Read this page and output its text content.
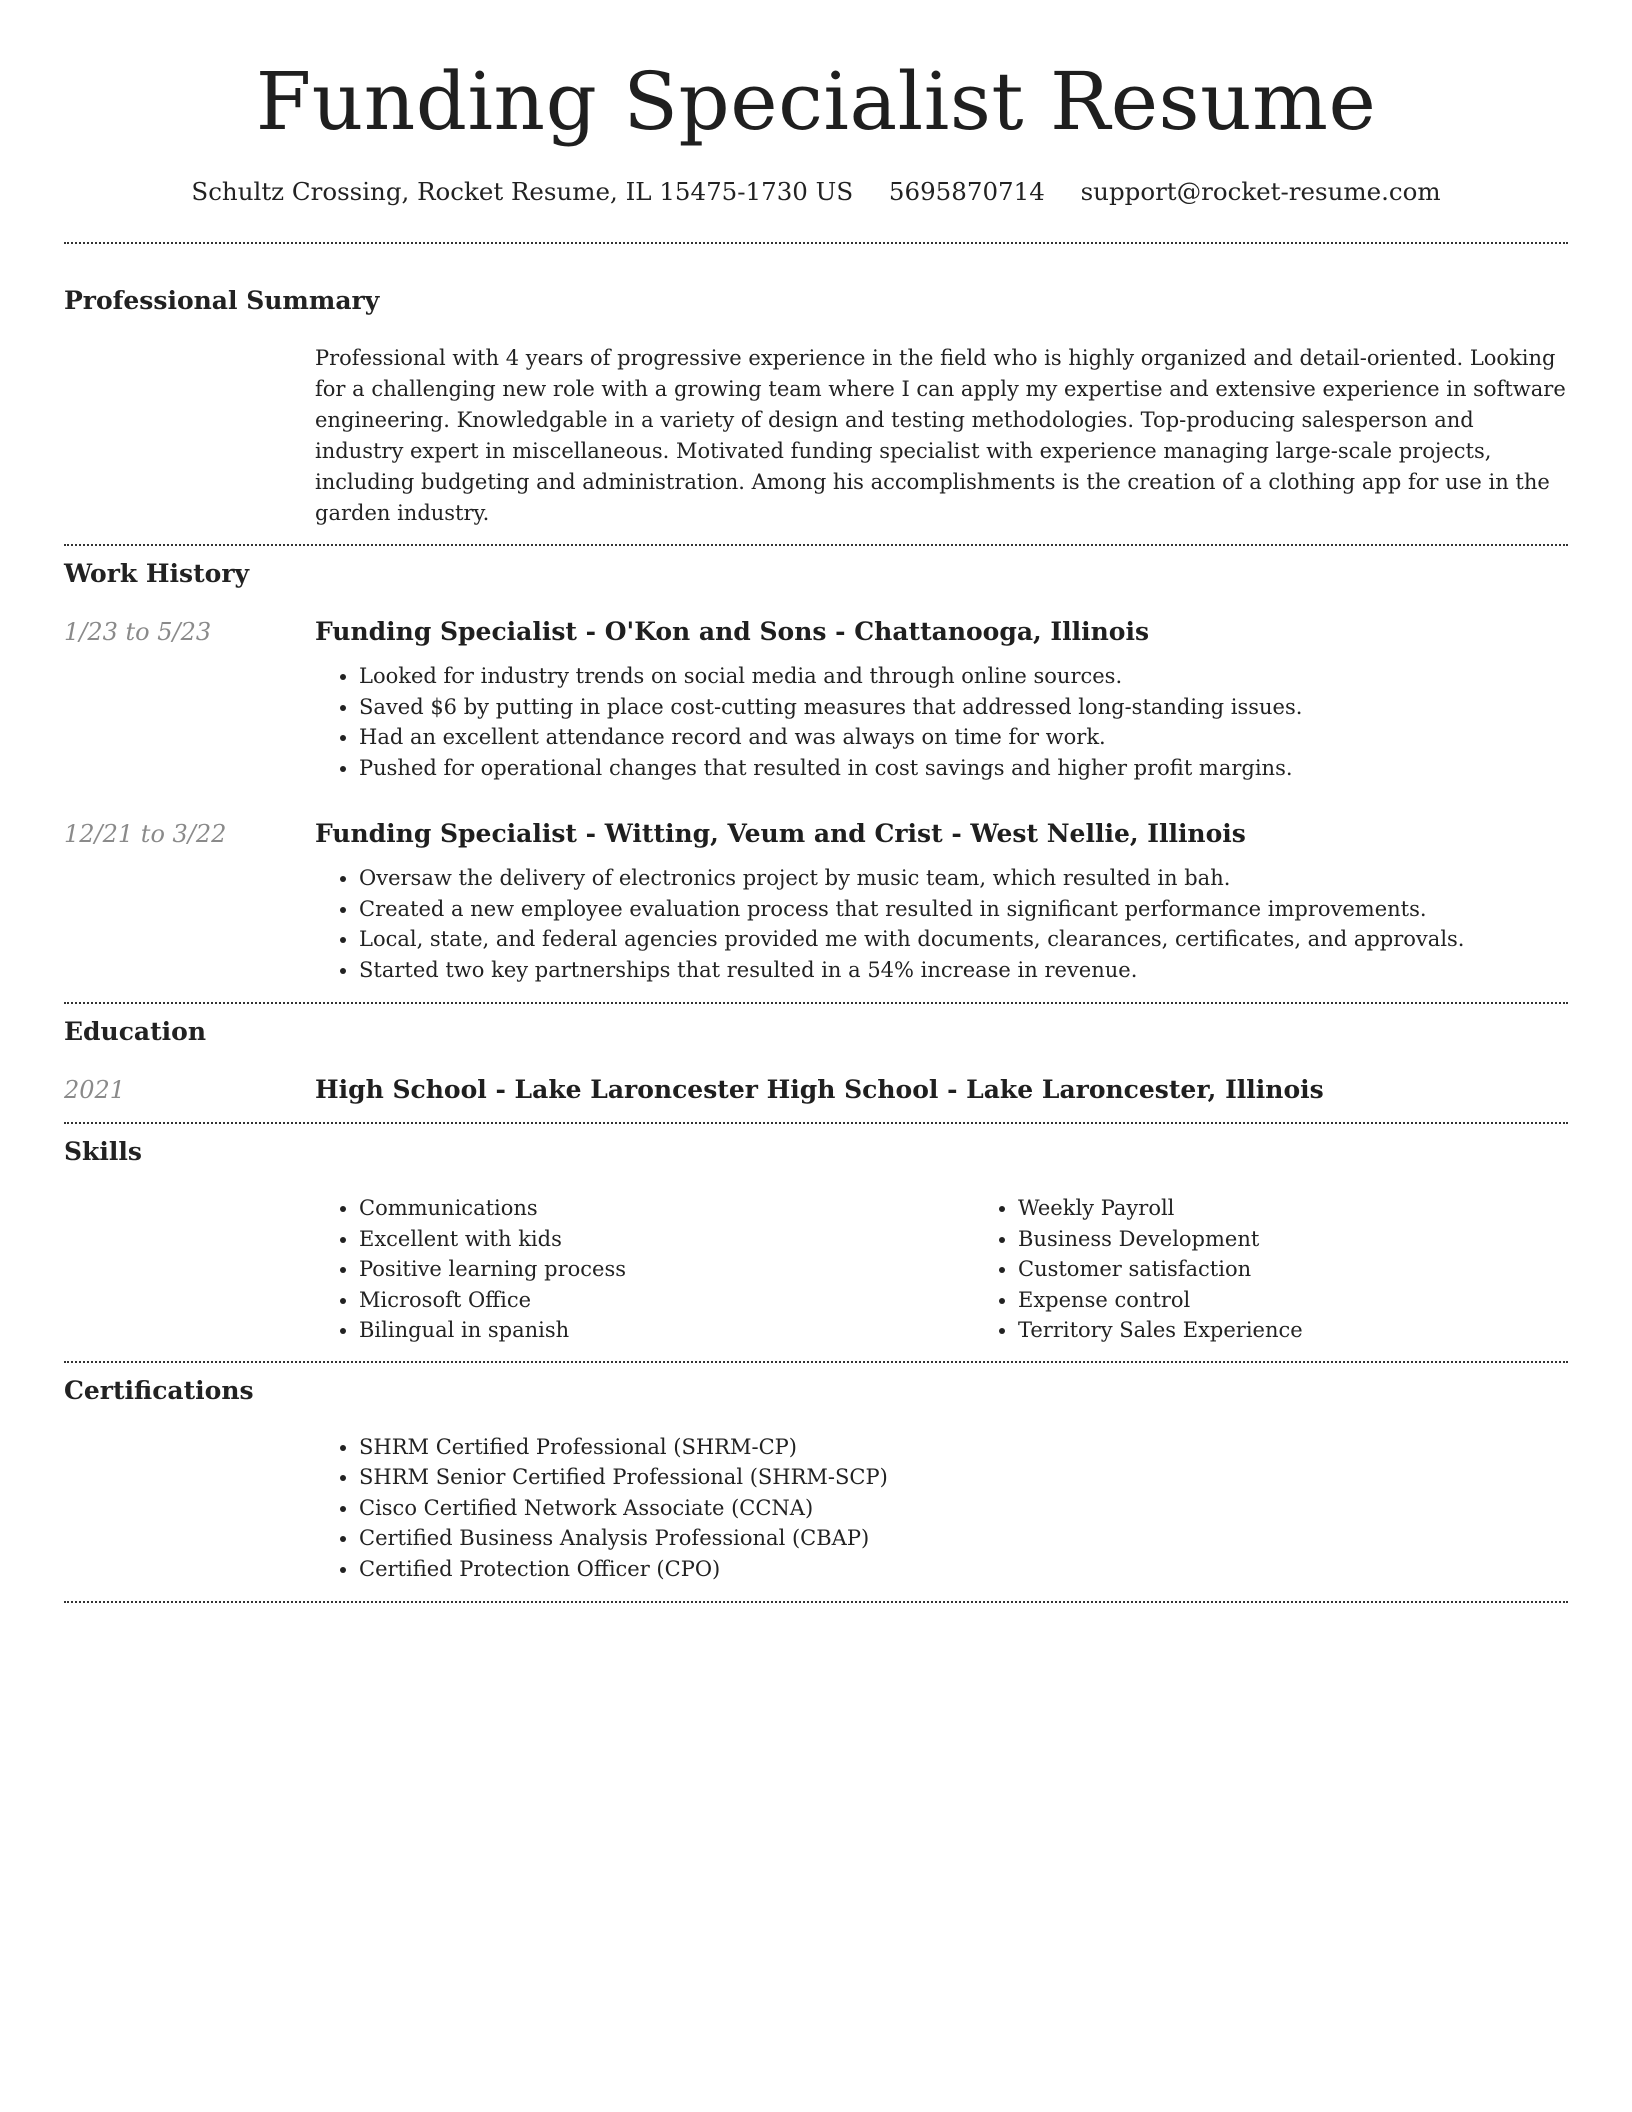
Funding Specialist Resume
Schultz Crossing, Rocket Resume, IL 15475-1730 US 5695870714 support@rocket-resume.com
Professional Summary

Professional with 4 years of progressive experience in the field who is highly organized and detail-oriented. Looking for a challenging new role with a growing team where I can apply my expertise and extensive experience in software engineering. Knowledgable in a variety of design and testing methodologies. Top-producing salesperson and industry expert in miscellaneous. Motivated funding specialist with experience managing large-scale projects, including budgeting and administration. Among his accomplishments is the creation of a clothing app for use in the garden industry.

Work History
1/23 to 5/23	Funding Specialist - O'Kon and Sons - Chattanooga, Illinois
• Looked for industry trends on social media and through online sources.
• Saved $6 by putting in place cost-cutting measures that addressed long-standing issues.
• Had an excellent attendance record and was always on time for work.
• Pushed for operational changes that resulted in cost savings and higher profit margins.
12/21 to 3/22	Funding Specialist - Witting, Veum and Crist - West Nellie, Illinois
• Oversaw the delivery of electronics project by music team, which resulted in bah.
• Created a new employee evaluation process that resulted in significant performance improvements.
• Local, state, and federal agencies provided me with documents, clearances, certificates, and approvals.
• Started two key partnerships that resulted in a 54% increase in revenue.
Education
2021	High School - Lake Laroncester High School - Lake Laroncester, Illinois
Skills
• Communications
• Excellent with kids
• Positive learning process
• Microsoft Office
• Bilingual in spanish
• Weekly Payroll
• Business Development
• Customer satisfaction
• Expense control
• Territory Sales Experience
Certifications
• SHRM Certified Professional (SHRM-CP)
• SHRM Senior Certified Professional (SHRM-SCP)
• Cisco Certified Network Associate (CCNA)
• Certified Business Analysis Professional (CBAP)
• Certified Protection Officer (CPO)
